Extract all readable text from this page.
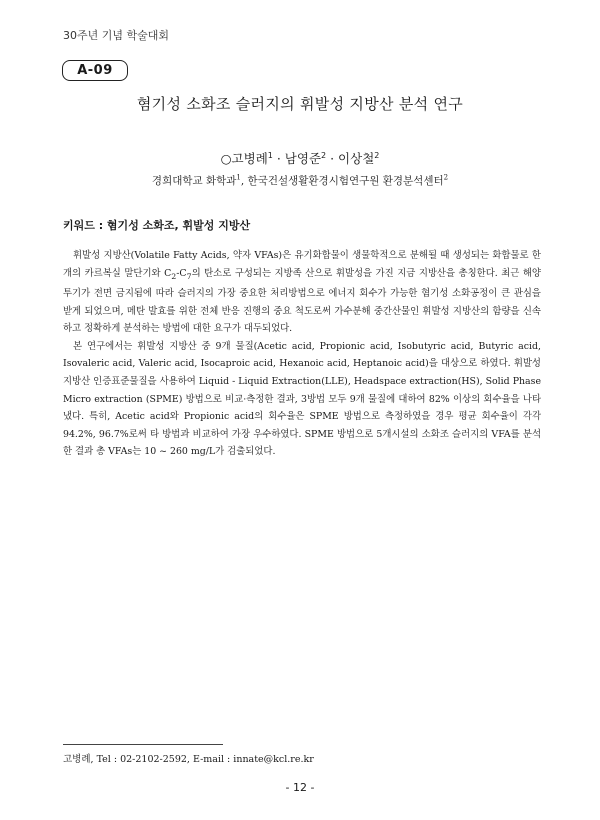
30주년 기념 학술대회
A-09
혐기성 소화조 슬러지의 휘발성 지방산 분석 연구
○고병례$^1$ · 남영준$^2$ · 이상철$^2$
경희대학교 화학과$^1$, 한국건설생활환경시험연구원 환경분석센터$^2$
키워드 : 혐기성 소화조, 휘발성 지방산

휘발성 지방산(Volatile Fatty Acids, 약자 VFAs)은 유기화합물이 생물학적으로 분해될 때 생성되는 화합물로 한 개의 카르복실 말단기와 $C_2-C_7$의 탄소로 구성되는 지방족 산으로 휘발성을 가진 지금 지방산을 총칭한다. 최근 해양투기가 전면 금지됨에 따라 슬러지의 가장 중요한 처리방법으로 에너지 회수가 가능한 혐기성 소화공정이 큰 관심을 받게 되었으며, 메탄 발효를 위한 전체 반응 진행의 중요 척도로써 가수분해 중간산물인 휘발성 지방산의 함량을 신속하고 정확하게 분석하는 방법에 대한 요구가 대두되었다.

본 연구에서는 휘발성 지방산 중 9개 물질(Acetic acid, Propionic acid, Isobutyric acid, Butyric acid, Isovaleric acid, Valeric acid, Isocaproic acid, Hexanoic acid, Heptanoic acid)을 대상으로 하였다. 휘발성 지방산 인증표준물질을 사용하여 Liquid - Liquid Extraction(LLE), Headspace extraction(HS), Solid Phase Micro extraction (SPME) 방법으로 비교·측정한 결과, 3방법 모두 9개 물질에 대하여 82% 이상의 회수율을 나타냈다. 특히, Acetic acid와 Propionic acid의 회수율은 SPME 방법으로 측정하였을 경우 평균 회수율이 각각 94.2%, 96.7%로써 타 방법과 비교하여 가장 우수하였다. SPME 방법으로 5개시설의 소화조 슬러지의 VFA를 분석한 결과 총 VFAs는 10 ~ 260 mg/L가 검출되었다.

고병례, Tel : 02-2102-2592, E-mail : innate@kcl.re.kr
- 12 -
